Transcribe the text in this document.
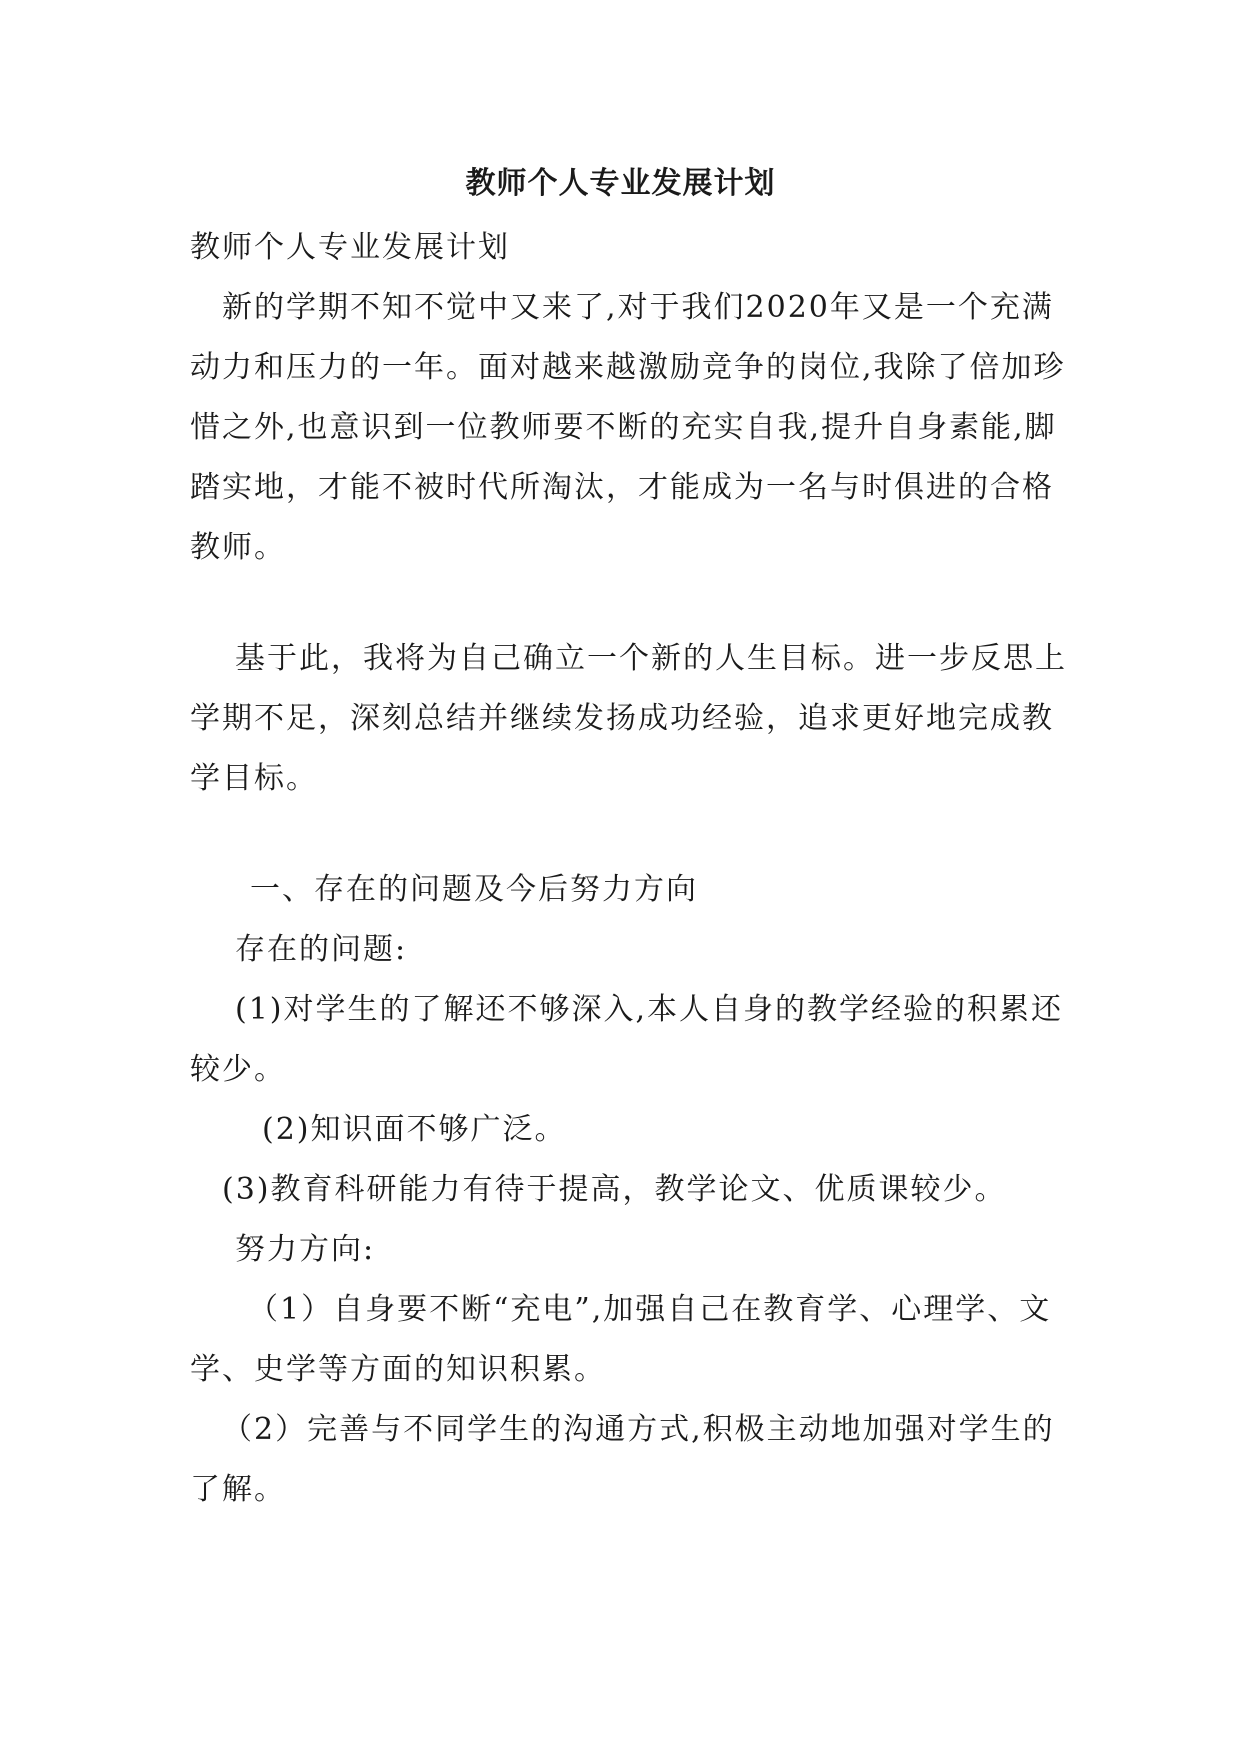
教师个人专业发展计划
教师个人专业发展计划
新的学期不知不觉中又来了,对于我们2020年又是一个充满
动力和压力的一年。面对越来越激励竞争的岗位,我除了倍加珍
惜之外,也意识到一位教师要不断的充实自我,提升自身素能,脚
踏实地，才能不被时代所淘汰，才能成为一名与时俱进的合格
教师。
基于此，我将为自己确立一个新的人生目标。进一步反思上
学期不足，深刻总结并继续发扬成功经验，追求更好地完成教
学目标。
一、存在的问题及今后努力方向
存在的问题:
(1)对学生的了解还不够深入,本人自身的教学经验的积累还
较少。
(2)知识面不够广泛。
(3)教育科研能力有待于提高，教学论文、优质课较少。
努力方向:
（1）自身要不断“充电”,加强自己在教育学、心理学、文
学、史学等方面的知识积累。
（2）完善与不同学生的沟通方式,积极主动地加强对学生的
了解。
